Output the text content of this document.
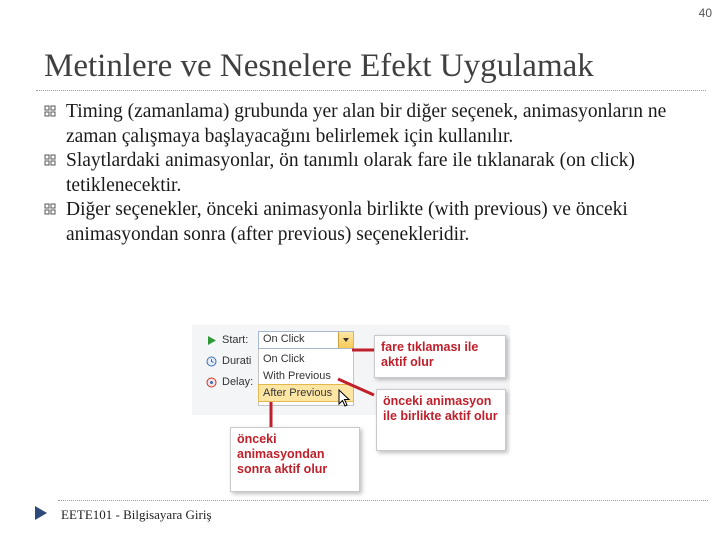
40
Metinlere ve Nesnelere Efekt Uygulamak
Timing (zamanlama) grubunda yer alan bir diğer seçenek, animasyonların ne zaman çalışmaya başlayacağını belirlemek için kullanılır.
Slaytlardaki animasyonlar, ön tanımlı olarak fare ile tıklanarak (on click) tetiklenecektir.
Diğer seçenekler, önceki animasyonla birlikte (with previous) ve önceki animasyondan sonra (after previous) seçenekleridir.
Start:
Durati
Delay:
On Click
On Click
With Previous
After Previous
fare tıklaması ile aktif olur
önceki animasyon ile birlikte aktif olur
önceki animasyondan sonra aktif olur
EETE101 - Bilgisayara Giriş
